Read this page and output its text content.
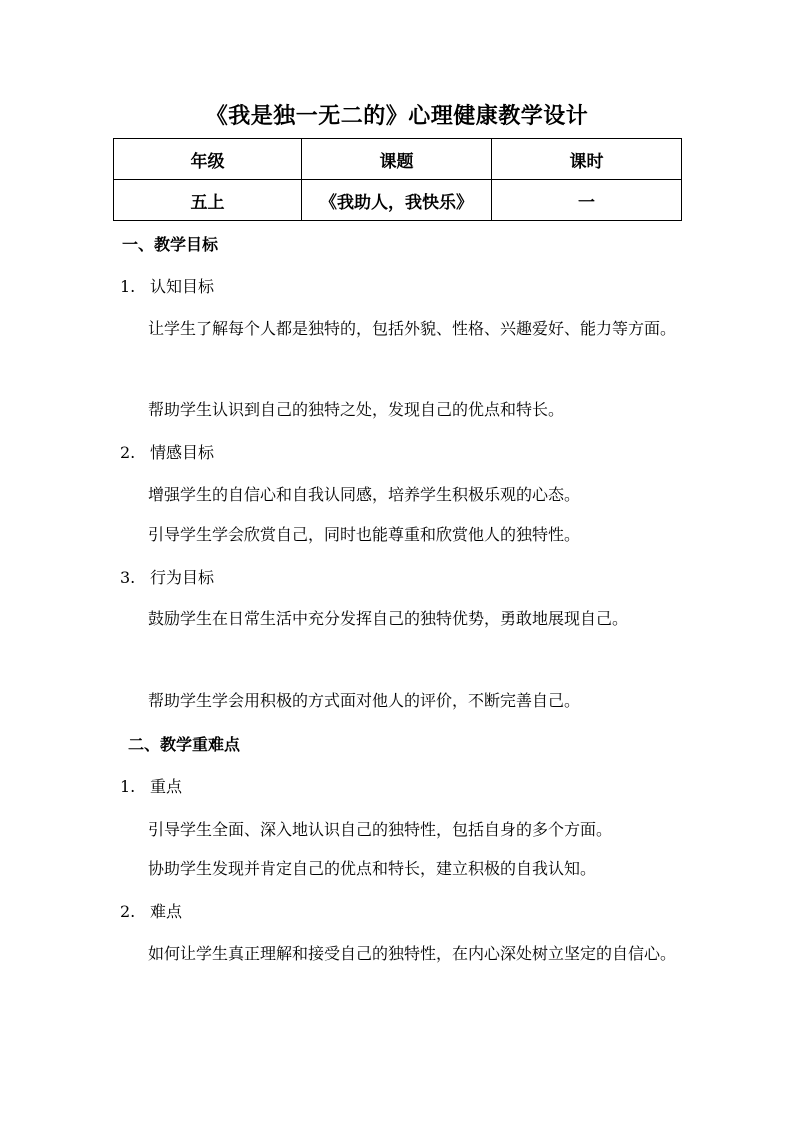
《我是独一无二的》心理健康教学设计
年级	课题	课时
五上	《我助人，我快乐》	一
一、教学目标
1. 认知目标
让学生了解每个人都是独特的，包括外貌、性格、兴趣爱好、能力等方面。
帮助学生认识到自己的独特之处，发现自己的优点和特长。
2. 情感目标
增强学生的自信心和自我认同感，培养学生积极乐观的心态。
引导学生学会欣赏自己，同时也能尊重和欣赏他人的独特性。
3. 行为目标
鼓励学生在日常生活中充分发挥自己的独特优势，勇敢地展现自己。
帮助学生学会用积极的方式面对他人的评价，不断完善自己。
二、教学重难点
1. 重点
引导学生全面、深入地认识自己的独特性，包括自身的多个方面。
协助学生发现并肯定自己的优点和特长，建立积极的自我认知。
2. 难点
如何让学生真正理解和接受自己的独特性，在内心深处树立坚定的自信心。
